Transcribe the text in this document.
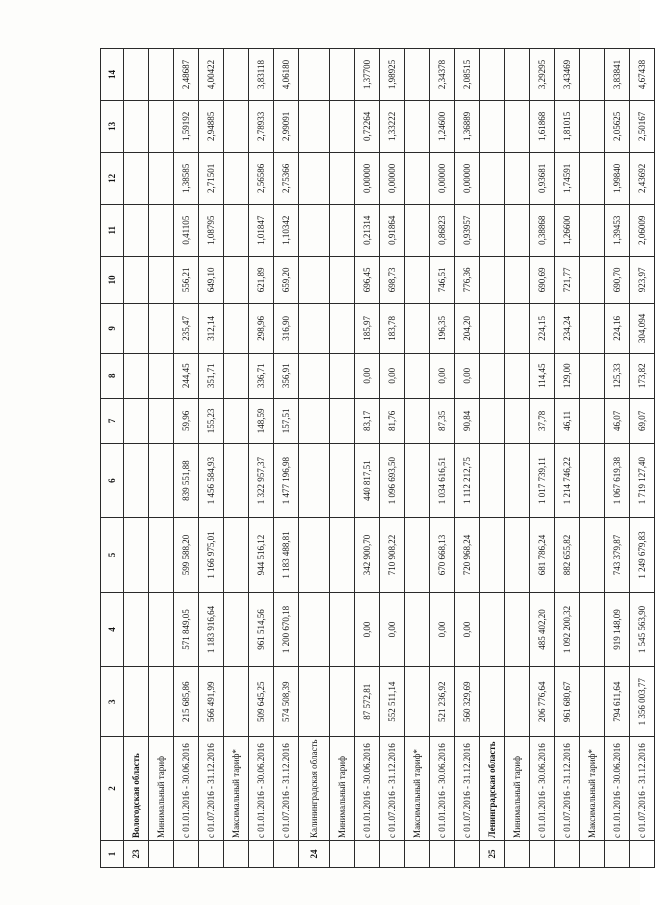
1	2	3	4	5	6	7	8	9	10	11	12	13	14
23	Вологодская область												
	Минимальный тариф												
	с 01.01.2016 - 30.06.2016	215 685,86	571 849,05	599 588,20	839 551,88	59,96	244,45	235,47	556,21	0,41105	1,38585	1,59192	2,48687
	с 01.07.2016 - 31.12.2016	566 491,99	1 183 916,64	1 166 975,01	1 456 584,93	155,23	351,71	312,14	649,10	1,08795	2,71501	2,94885	4,00422
	Максимальный тариф*												
	с 01.01.2016 - 30.06.2016	509 645,25	961 514,56	944 516,12	1 322 957,37	148,59	336,71	298,96	621,89	1,01847	2,56586	2,78933	3,83118
	с 01.07.2016 - 31.12.2016	574 508,39	1 200 670,18	1 183 488,81	1 477 196,98	157,51	356,91	316,90	659,20	1,10342	2,75366	2,99091	4,06180
24	Калининградская область												
	Минимальный тариф												
	с 01.01.2016 - 30.06.2016	87 572,81	0,00	342 900,70	440 817,51	83,17	0,00	185,97	696,45	0,21314	0,00000	0,72264	1,37700
	с 01.07.2016 - 31.12.2016	552 511,14	0,00	710 908,22	1 096 693,50	81,76	0,00	183,78	698,73	0,91864	0,00000	1,33222	1,98925
	Максимальный тариф*												
	с 01.01.2016 - 30.06.2016	521 236,92	0,00	670 668,13	1 034 616,51	87,35	0,00	196,35	746,51	0,86823	0,00000	1,24600	2,34378
	с 01.07.2016 - 31.12.2016	560 329,69	0,00	720 968,24	1 112 212,75	90,84	0,00	204,20	776,36	0,93957	0,00000	1,36889	2,08515
25	Ленинградская область												
	Минимальный тариф												
	с 01.01.2016 - 30.06.2016	206 776,64	485 402,20	681 786,24	1 017 739,11	37,78	114,45	224,15	690,69	0,38868	0,93681	1,61868	3,29295
	с 01.07.2016 - 31.12.2016	961 680,67	1 092 200,32	882 655,82	1 214 746,22	46,11	129,00	234,24	721,77	1,26600	1,74591	1,81015	3,43469
	Максимальный тариф*												
	с 01.01.2016 - 30.06.2016	794 611,64	919 148,09	743 379,87	1 067 619,38	46,07	125,33	224,16	690,70	1,39453	1,99840	2,05625	3,83841
	с 01.07.2016 - 31.12.2016	1 356 003,77	1 545 563,90	1 249 679,83	1 719 127,40	69,07	173,82	304,094	923,97	2,06009	2,43692	2,50167	4,67438
